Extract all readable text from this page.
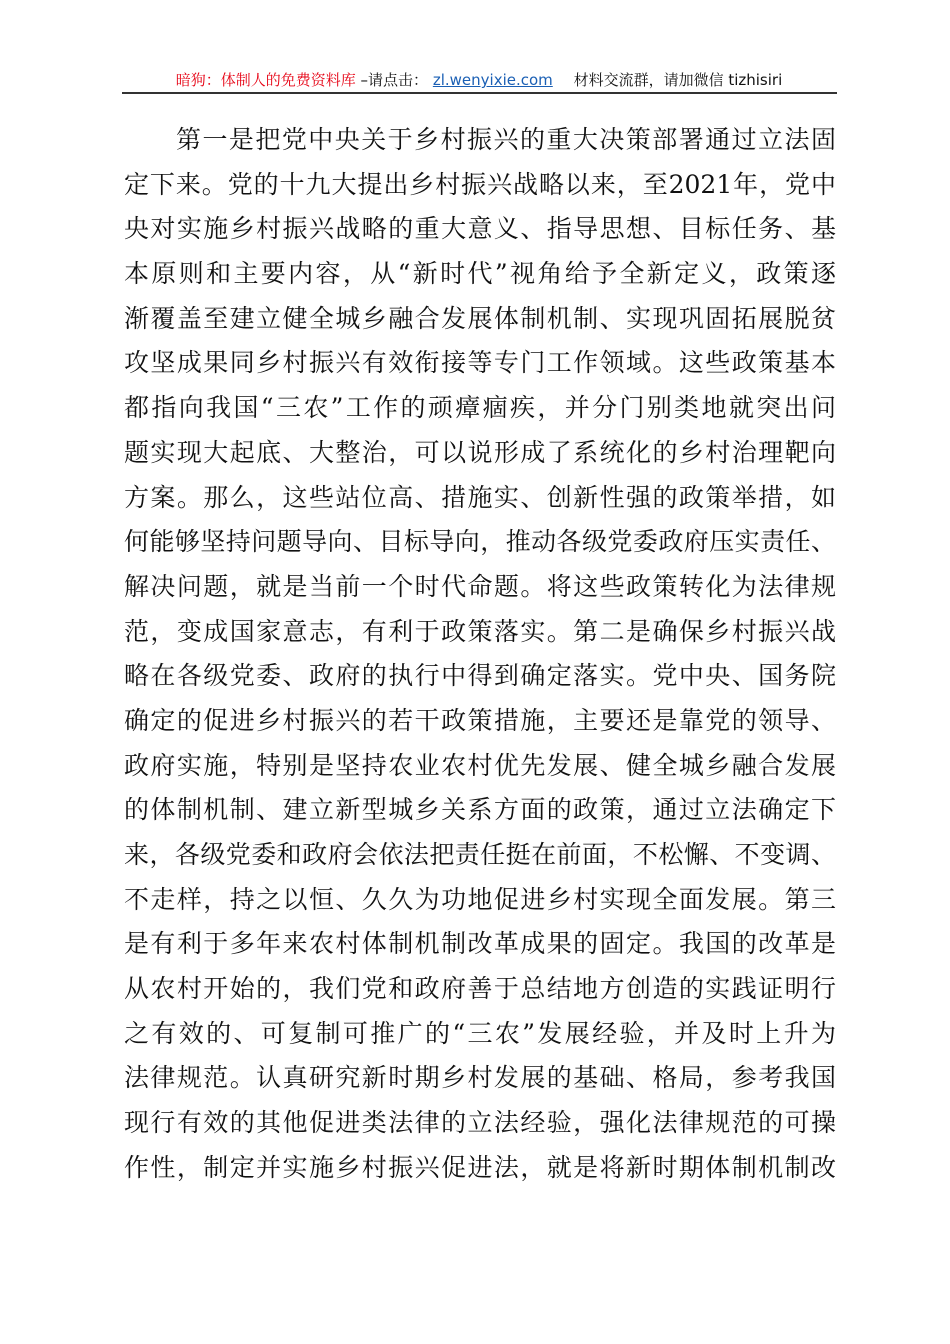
暗狗：体制人的免费资料库 –请点击： zl.wenyixie.com 材料交流群，请加微信 tizhisiri
第一是把党中央关于乡村振兴的重大决策部署通过立法固
定下来。党的十九大提出乡村振兴战略以来，至2021年，党中
央对实施乡村振兴战略的重大意义、指导思想、目标任务、基
本原则和主要内容，从“新时代”视角给予全新定义，政策逐
渐覆盖至建立健全城乡融合发展体制机制、实现巩固拓展脱贫
攻坚成果同乡村振兴有效衔接等专门工作领域。这些政策基本
都指向我国“三农”工作的顽瘴痼疾，并分门别类地就突出问
题实现大起底、大整治，可以说形成了系统化的乡村治理靶向
方案。那么，这些站位高、措施实、创新性强的政策举措，如
何能够坚持问题导向、目标导向，推动各级党委政府压实责任、
解决问题，就是当前一个时代命题。将这些政策转化为法律规
范，变成国家意志，有利于政策落实。第二是确保乡村振兴战
略在各级党委、政府的执行中得到确定落实。党中央、国务院
确定的促进乡村振兴的若干政策措施，主要还是靠党的领导、
政府实施，特别是坚持农业农村优先发展、健全城乡融合发展
的体制机制、建立新型城乡关系方面的政策，通过立法确定下
来，各级党委和政府会依法把责任挺在前面，不松懈、不变调、
不走样，持之以恒、久久为功地促进乡村实现全面发展。第三
是有利于多年来农村体制机制改革成果的固定。我国的改革是
从农村开始的，我们党和政府善于总结地方创造的实践证明行
之有效的、可复制可推广的“三农”发展经验，并及时上升为
法律规范。认真研究新时期乡村发展的基础、格局，参考我国
现行有效的其他促进类法律的立法经验，强化法律规范的可操
作性，制定并实施乡村振兴促进法，就是将新时期体制机制改
